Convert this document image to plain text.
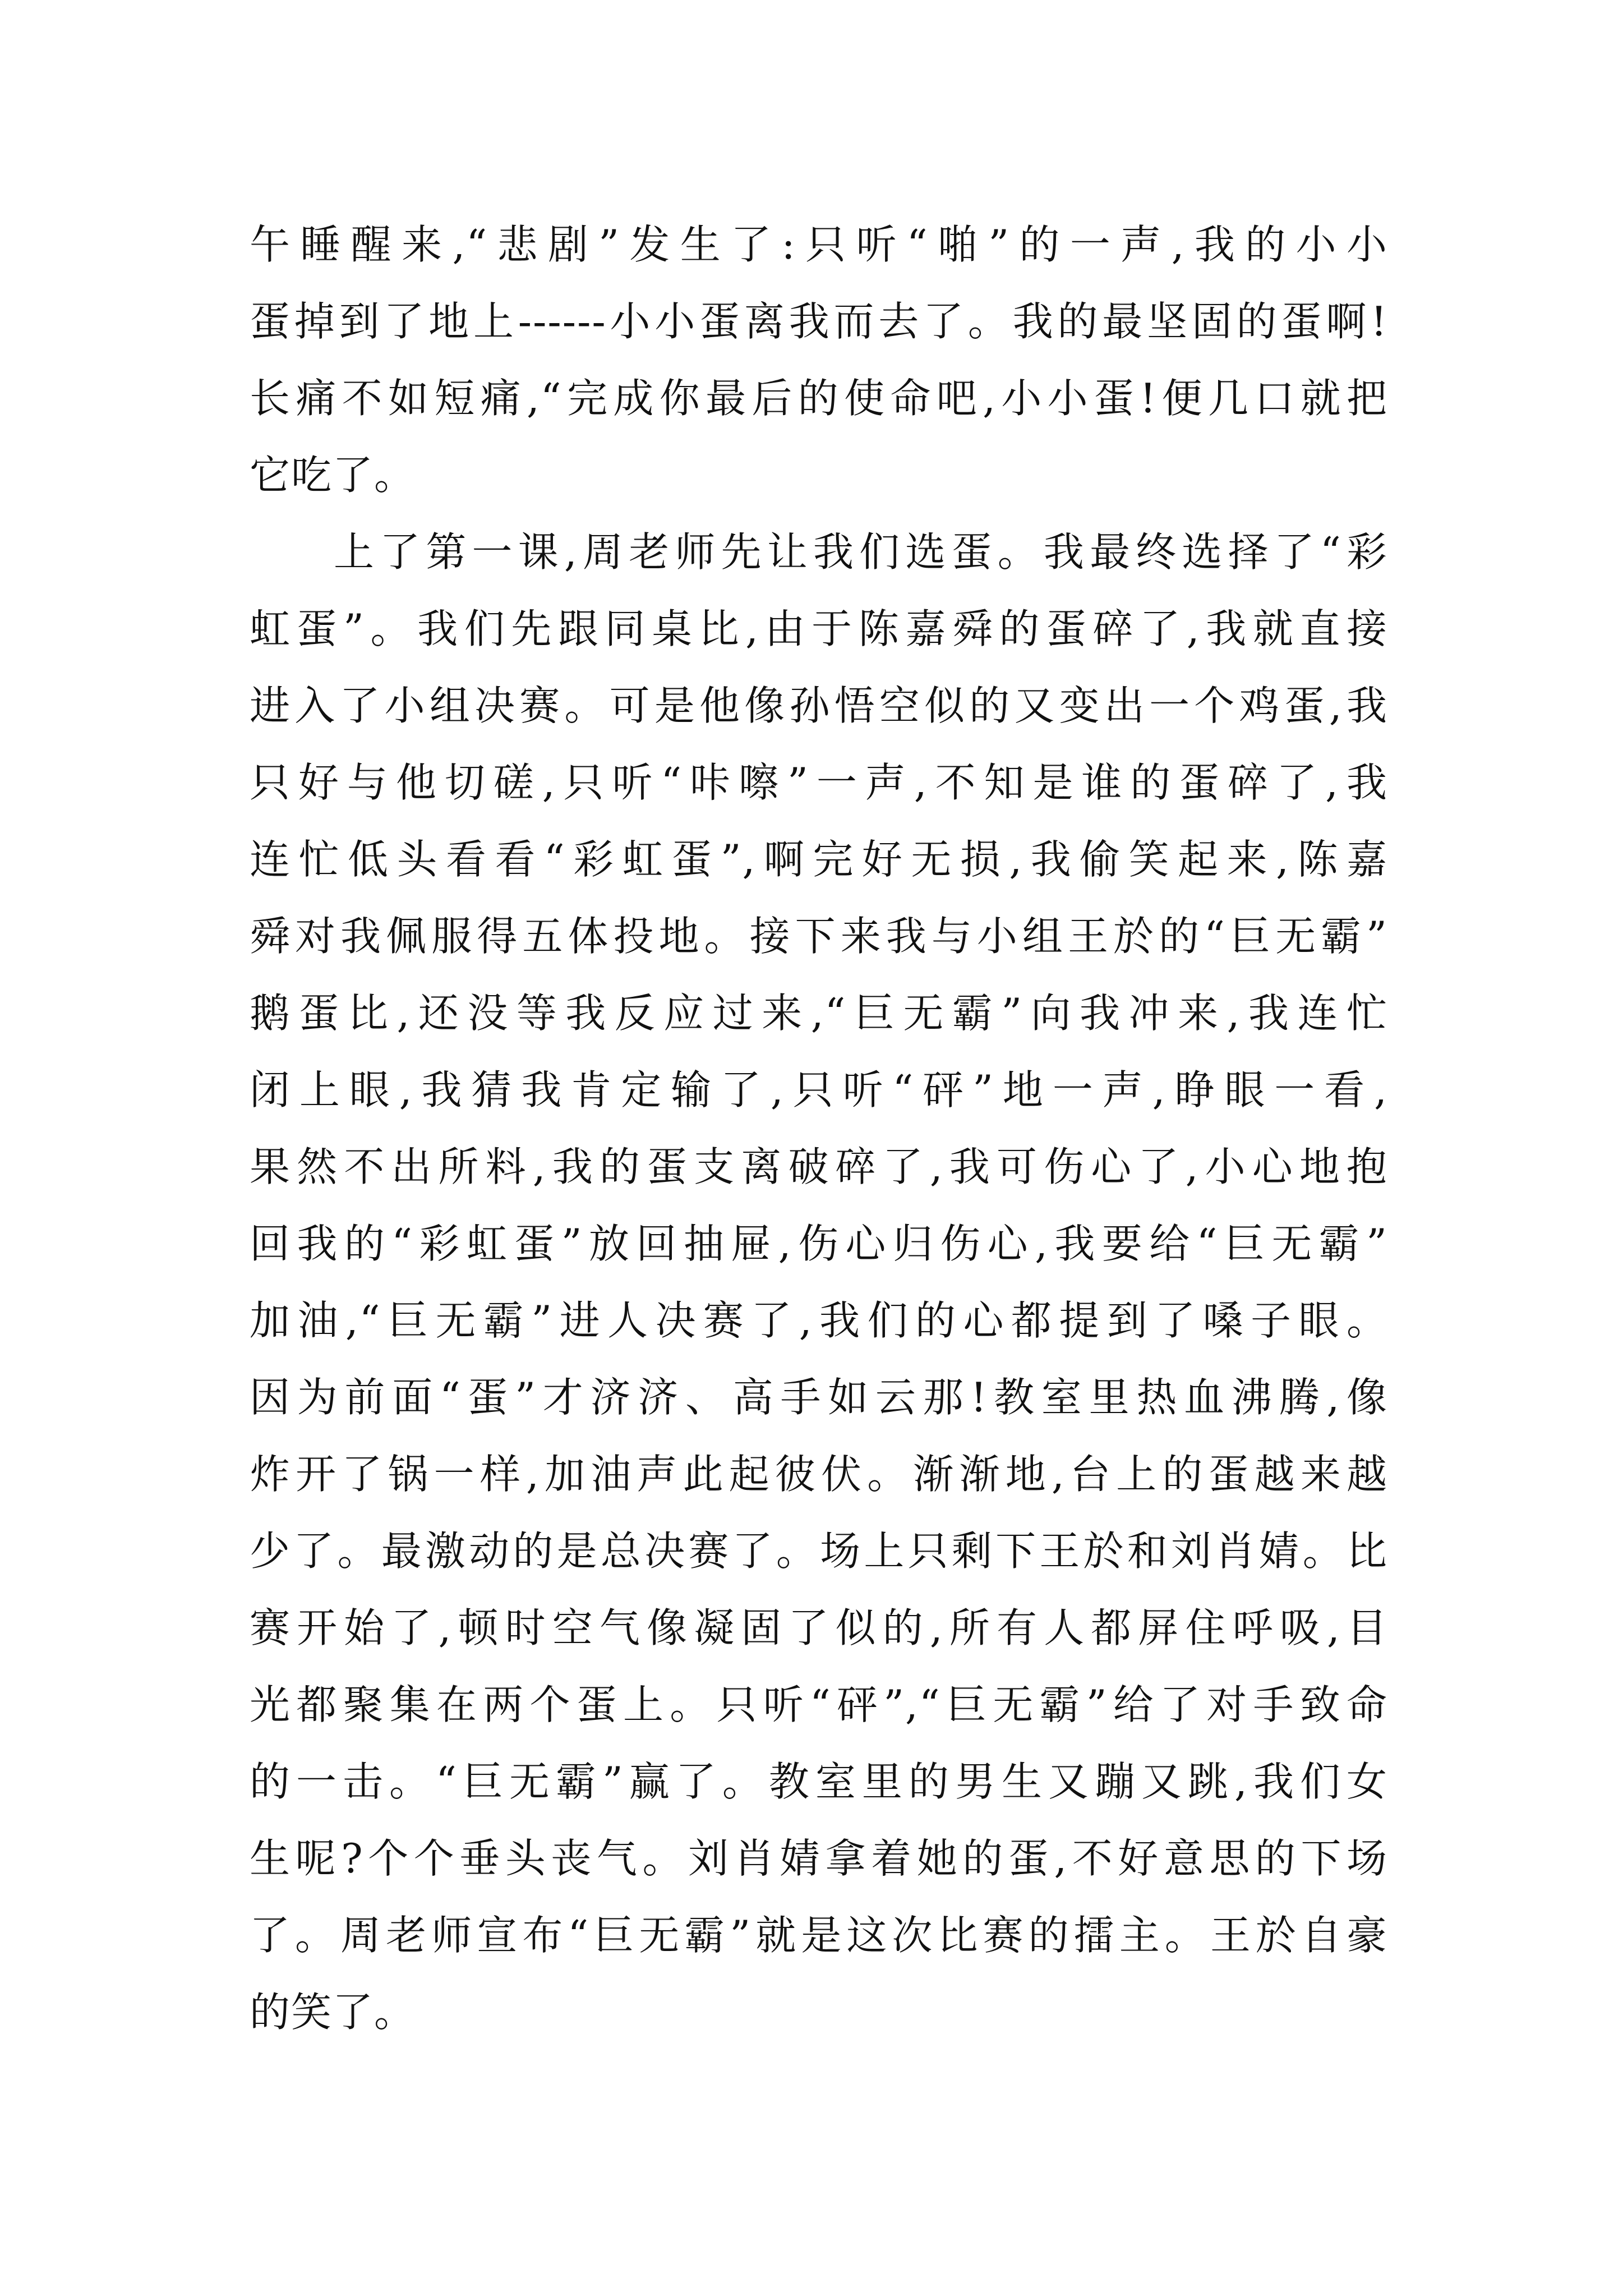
午睡醒来,“悲剧”发生了:只听“啪”的一声,我的小小
蛋掉到了地上------小小蛋离我而去了。我的最坚固的蛋啊!
长痛不如短痛,“完成你最后的使命吧,小小蛋!便几口就把
它吃了。
上了第一课,周老师先让我们选蛋。我最终选择了“彩
虹蛋”。我们先跟同桌比,由于陈嘉舜的蛋碎了,我就直接
进入了小组决赛。可是他像孙悟空似的又变出一个鸡蛋,我
只好与他切磋,只听“咔嚓”一声,不知是谁的蛋碎了,我
连忙低头看看“彩虹蛋”,啊完好无损,我偷笑起来,陈嘉
舜对我佩服得五体投地。接下来我与小组王於的“巨无霸”
鹅蛋比,还没等我反应过来,“巨无霸”向我冲来,我连忙
闭上眼,我猜我肯定输了,只听“砰”地一声,睁眼一看,
果然不出所料,我的蛋支离破碎了,我可伤心了,小心地抱
回我的“彩虹蛋”放回抽屉,伤心归伤心,我要给“巨无霸”
加油,“巨无霸”进人决赛了,我们的心都提到了嗓子眼。
因为前面“蛋”才济济、高手如云那!教室里热血沸腾,像
炸开了锅一样,加油声此起彼伏。渐渐地,台上的蛋越来越
少了。最激动的是总决赛了。场上只剩下王於和刘肖婧。比
赛开始了,顿时空气像凝固了似的,所有人都屏住呼吸,目
光都聚集在两个蛋上。只听“砰”,“巨无霸”给了对手致命
的一击。“巨无霸”赢了。教室里的男生又蹦又跳,我们女
生呢?个个垂头丧气。刘肖婧拿着她的蛋,不好意思的下场
了。周老师宣布“巨无霸”就是这次比赛的擂主。王於自豪
的笑了。
